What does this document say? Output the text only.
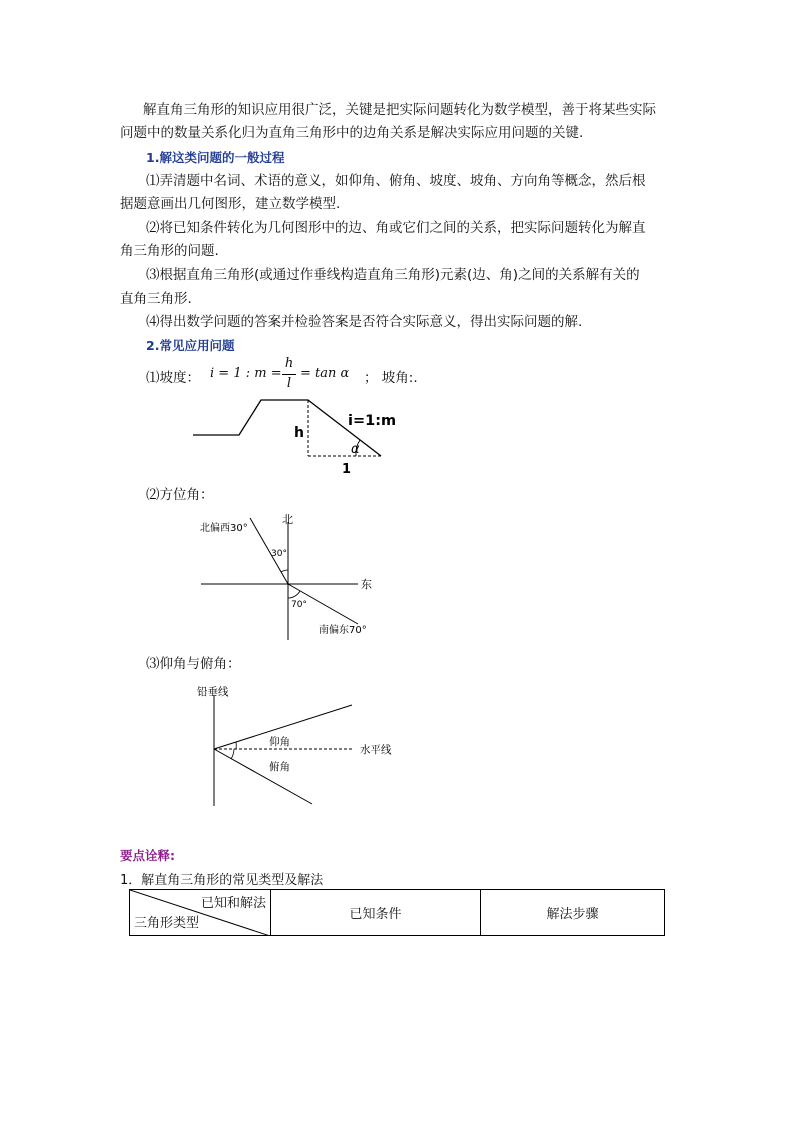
解直角三角形的知识应用很广泛，关键是把实际问题转化为数学模型，善于将某些实际
问题中的数量关系化归为直角三角形中的边角关系是解决实际应用问题的关键.
1.解这类问题的一般过程
⑴弄清题中名词、术语的意义，如仰角、俯角、坡度、坡角、方向角等概念，然后根
据题意画出几何图形，建立数学模型.
⑵将已知条件转化为几何图形中的边、角或它们之间的关系，把实际问题转化为解直
角三角形的问题.
⑶根据直角三角形(或通过作垂线构造直角三角形)元素(边、角)之间的关系解有关的
直角三角形.
⑷得出数学问题的答案并检验答案是否符合实际意义，得出实际问题的解.
2.常见应用问题
⑴坡度： i = 1 : m =
h
l
= tan α ； 坡角:.
h
i=1:m
α
1
⑵方位角：
北
东
北偏西30°
30°
70°
南偏东70°
⑶仰角与俯角：
铅垂线
仰角
俯角
水平线
要点诠释:
1．解直角三角形的常见类型及解法
已知和解法
三角形类型
	已知条件	解法步骤
